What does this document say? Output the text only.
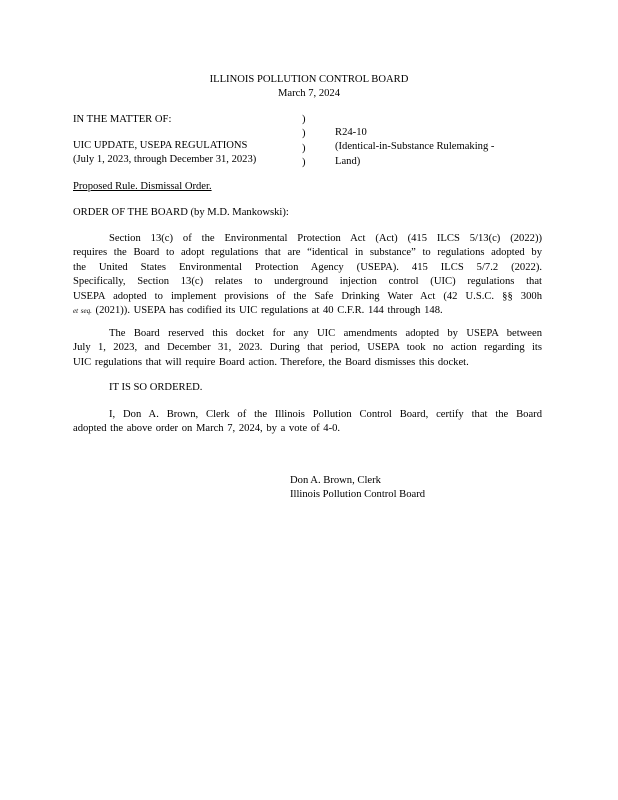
ILLINOIS POLLUTION CONTROL BOARD
March 7, 2024
IN THE MATTER OF:
UIC UPDATE, USEPA REGULATIONS
(July 1, 2023, through December 31, 2023)
)
)
)
)
R24-10
(Identical-in-Substance Rulemaking -
Land)
Proposed Rule. Dismissal Order.
ORDER OF THE BOARD (by M.D. Mankowski):
Section 13(c) of the Environmental Protection Act (Act) (415 ILCS 5/13(c) (2022))
requires the Board to adopt regulations that are “identical in substance” to regulations adopted by
the United States Environmental Protection Agency (USEPA). 415 ILCS 5/7.2 (2022).
Specifically, Section 13(c) relates to underground injection control (UIC) regulations that
USEPA adopted to implement provisions of the Safe Drinking Water Act (42 U.S.C. §§ 300h
et seq. (2021)). USEPA has codified its UIC regulations at 40 C.F.R. 144 through 148.
The Board reserved this docket for any UIC amendments adopted by USEPA between
July 1, 2023, and December 31, 2023. During that period, USEPA took no action regarding its
UIC regulations that will require Board action. Therefore, the Board dismisses this docket.
IT IS SO ORDERED.
I, Don A. Brown, Clerk of the Illinois Pollution Control Board, certify that the Board
adopted the above order on March 7, 2024, by a vote of 4-0.
Don A. Brown, Clerk
Illinois Pollution Control Board
